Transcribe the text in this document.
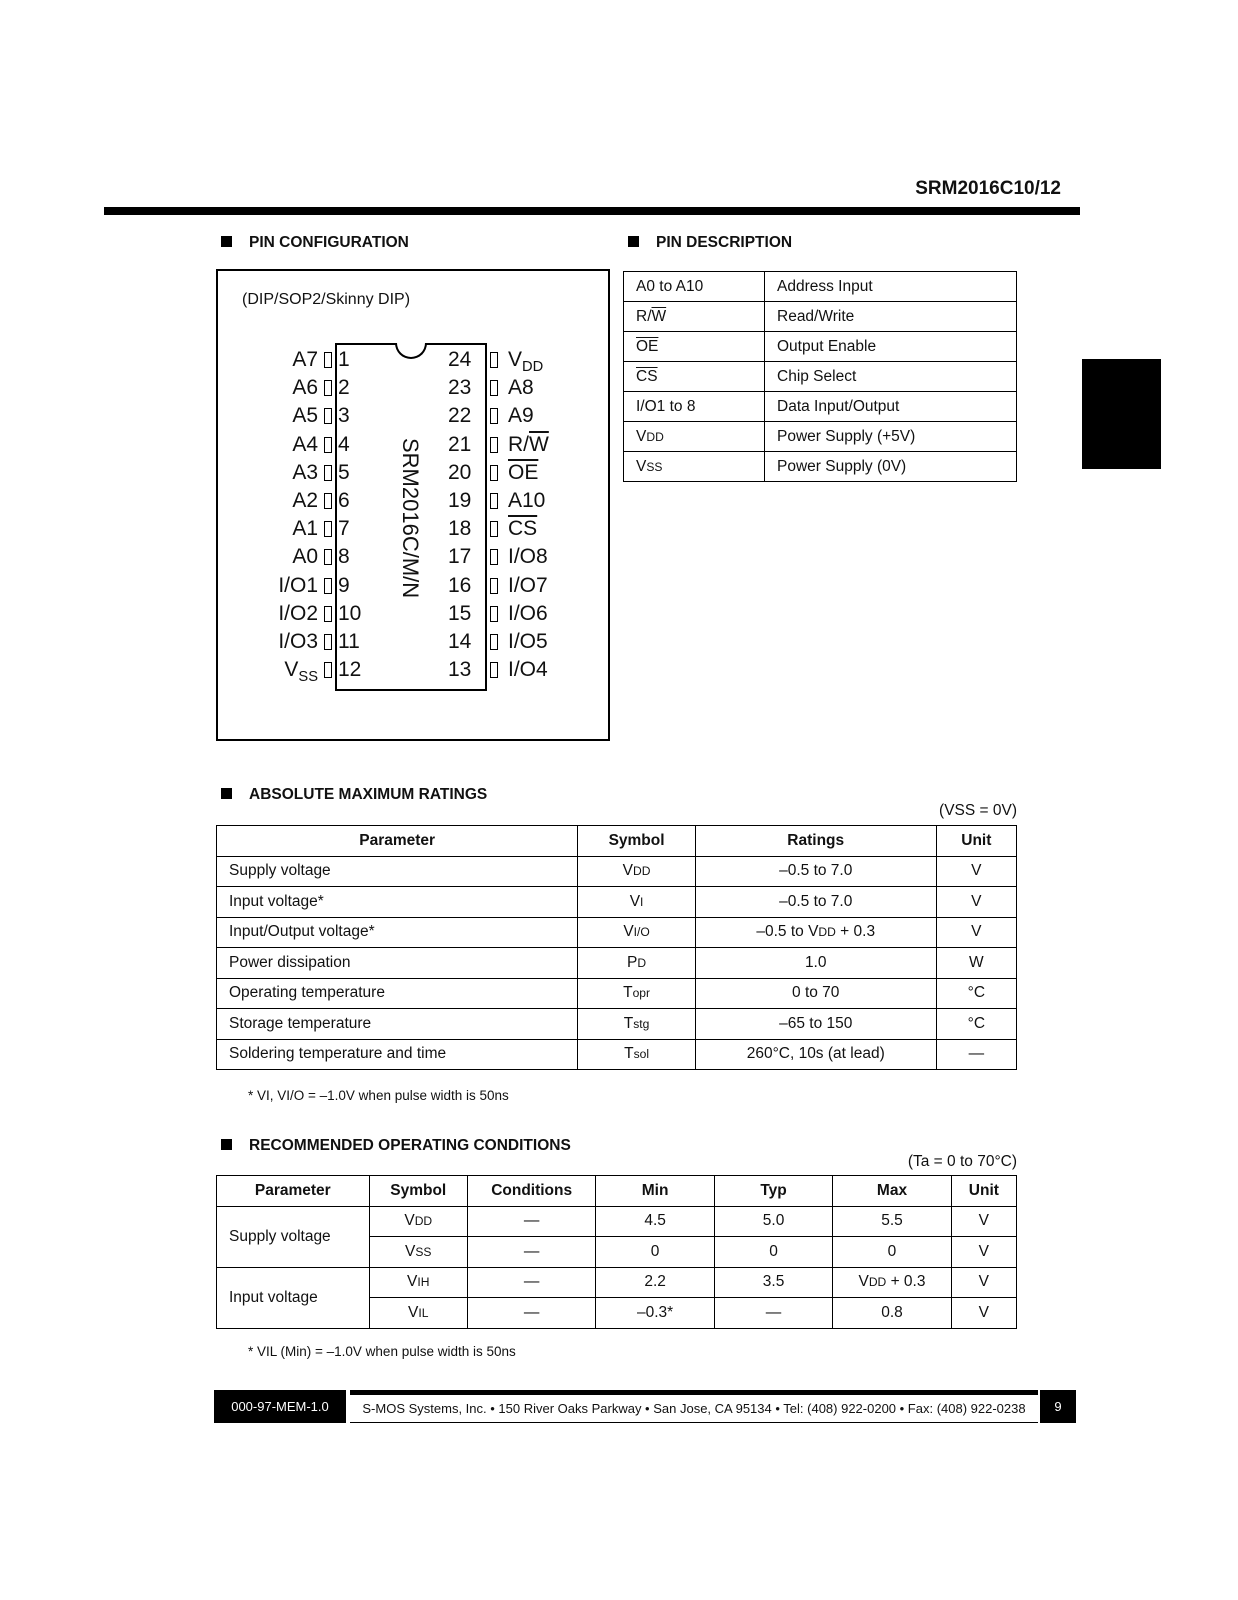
SRM2016C10/12
PIN CONFIGURATION	PIN DESCRIPTION
(DIP/SOP2/Skinny DIP)
SRM2016C/M/N
A7 1
A6 2
A5 3
A4 4
A3 5
A2 6
A1 7
A0 8
I/O1 9
I/O2 10
I/O3 11
$V_{SS}$ 12
24	$V_{DD}$
23	A8
22	A9
21	$R/\overline{W}$
20	$\overline{OE}$
19	A10
18	$\overline{CS}$
17	I/O8
16	I/O7
15	I/O6
14	I/O5
13	I/O4
A0 to A10	Address Input
$R/\overline{W}$	Read/Write
$\overline{OE}$	Output Enable
$\overline{CS}$	Chip Select
I/O1 to 8	Data Input/Output
VDD	Power Supply (+5V)
VSS	Power Supply (0V)
ABSOLUTE MAXIMUM RATINGS
(VSS = 0V)
Parameter	Symbol	Ratings	Unit
Supply voltage	VDD	–0.5 to 7.0	V
Input voltage*	VI	–0.5 to 7.0	V
Input/Output voltage*	VI/O	–0.5 to VDD + 0.3	V
Power dissipation	PD	1.0	W
Operating temperature	Topr	0 to 70	°C
Storage temperature	Tstg	–65 to 150	°C
Soldering temperature and time	Tsol	260°C, 10s (at lead)	—
* VI, VI/O = –1.0V when pulse width is 50ns
RECOMMENDED OPERATING CONDITIONS
(Ta = 0 to 70°C)
Parameter	Symbol	Conditions	Min	Typ	Max	Unit
Supply voltage	VDD	—	4.5	5.0	5.5	V
	VSS	—	0	0	0	V
Input voltage	VIH	—	2.2	3.5	VDD + 0.3	V
	VIL	—	–0.3*	—	0.8	V
* VIL (Min) = –1.0V when pulse width is 50ns
000-97-MEM-1.0	S-MOS Systems, Inc. • 150 River Oaks Parkway • San Jose, CA 95134 • Tel: (408) 922-0200 • Fax: (408) 922-0238	9
